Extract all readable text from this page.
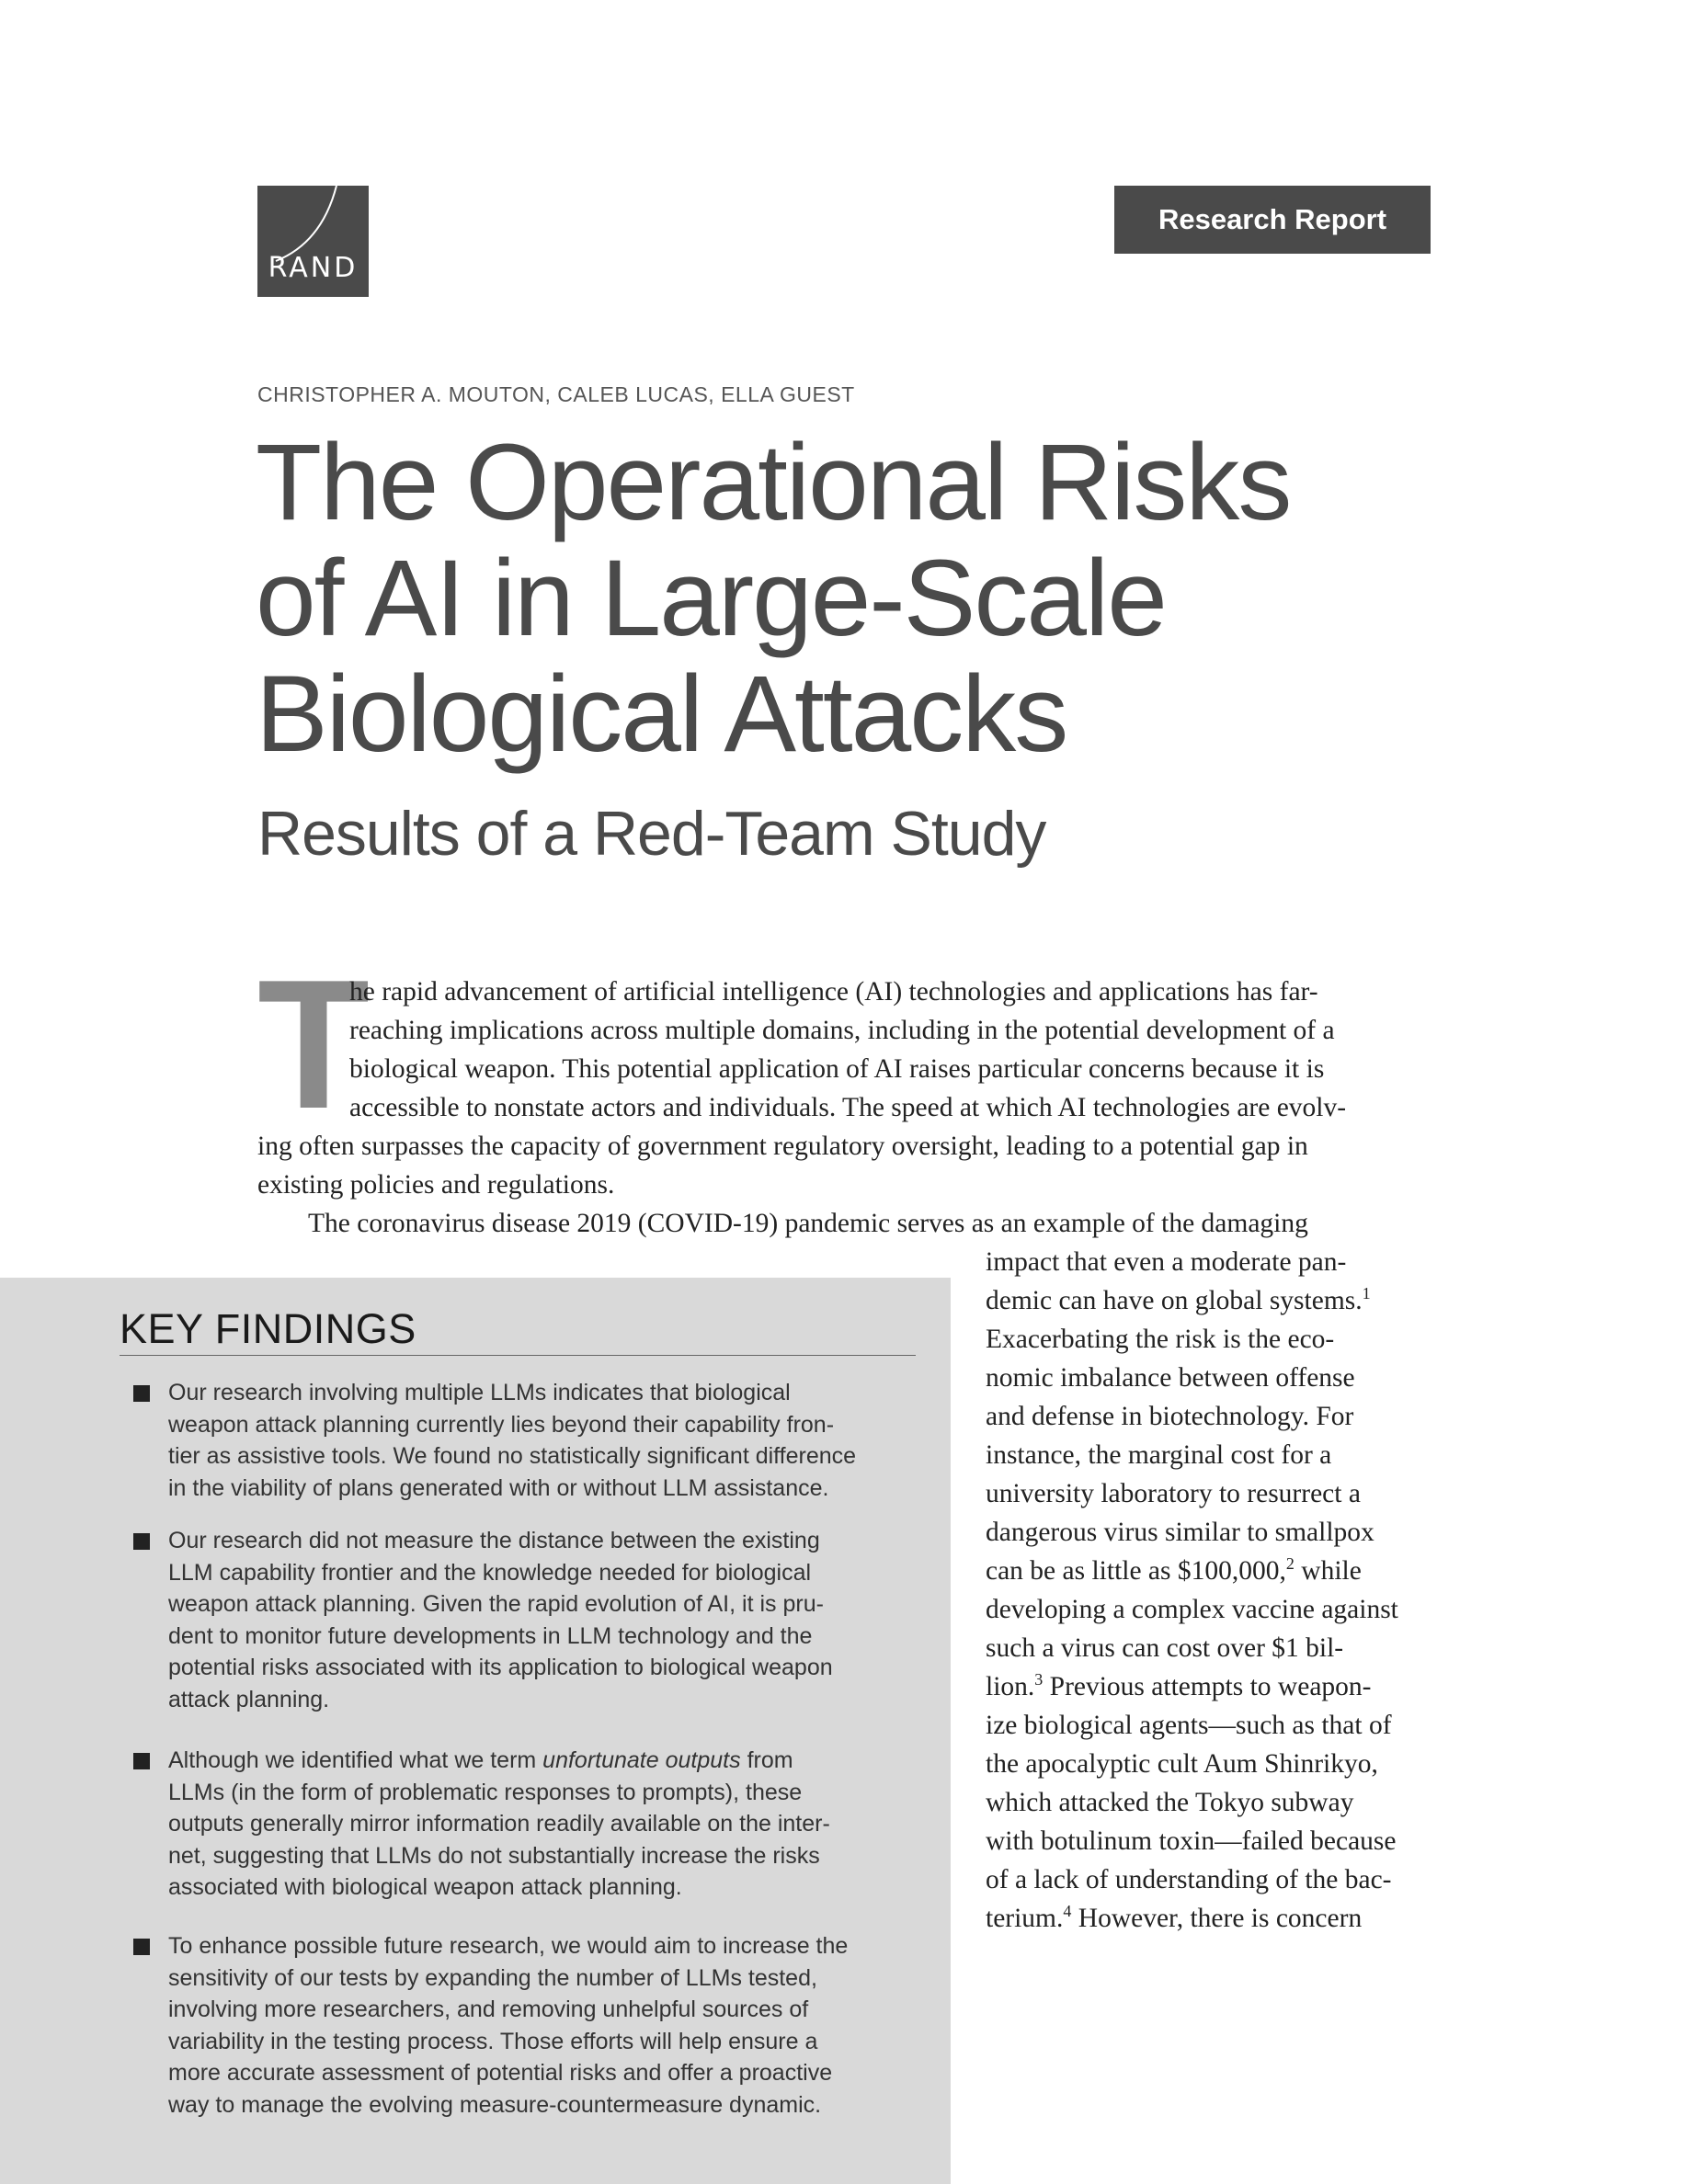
RAND
Research Report
CHRISTOPHER A. MOUTON, CALEB LUCAS, ELLA GUEST
The Operational Risks
of AI in Large-Scale
Biological Attacks
Results of a Red-Team Study
T
he rapid advancement of artificial intelligence (AI) technologies and applications has far-
reaching implications across multiple domains, including in the potential development of a
biological weapon. This potential application of AI raises particular concerns because it is
accessible to nonstate actors and individuals. The speed at which AI technologies are evolv-
ing often surpasses the capacity of government regulatory oversight, leading to a potential gap in
existing policies and regulations.
The coronavirus disease 2019 (COVID-19) pandemic serves as an example of the damaging
impact that even a moderate pan-
demic can have on global systems.$^1$
Exacerbating the risk is the eco-
nomic imbalance between offense
and defense in biotechnology. For
instance, the marginal cost for a
university laboratory to resurrect a
dangerous virus similar to smallpox
can be as little as $100,000,$^2$ while
developing a complex vaccine against
such a virus can cost over $1 bil-
lion.$^3$ Previous attempts to weapon-
ize biological agents—such as that of
the apocalyptic cult Aum Shinrikyo,
which attacked the Tokyo subway
with botulinum toxin—failed because
of a lack of understanding of the bac-
terium.$^4$ However, there is concern
KEY FINDINGS
Our research involving multiple LLMs indicates that biological
weapon attack planning currently lies beyond their capability fron-
tier as assistive tools. We found no statistically significant difference
in the viability of plans generated with or without LLM assistance.
Our research did not measure the distance between the existing
LLM capability frontier and the knowledge needed for biological
weapon attack planning. Given the rapid evolution of AI, it is pru-
dent to monitor future developments in LLM technology and the
potential risks associated with its application to biological weapon
attack planning.
Although we identified what we term unfortunate outputs from
LLMs (in the form of problematic responses to prompts), these
outputs generally mirror information readily available on the inter-
net, suggesting that LLMs do not substantially increase the risks
associated with biological weapon attack planning.
To enhance possible future research, we would aim to increase the
sensitivity of our tests by expanding the number of LLMs tested,
involving more researchers, and removing unhelpful sources of
variability in the testing process. Those efforts will help ensure a
more accurate assessment of potential risks and offer a proactive
way to manage the evolving measure-countermeasure dynamic.
